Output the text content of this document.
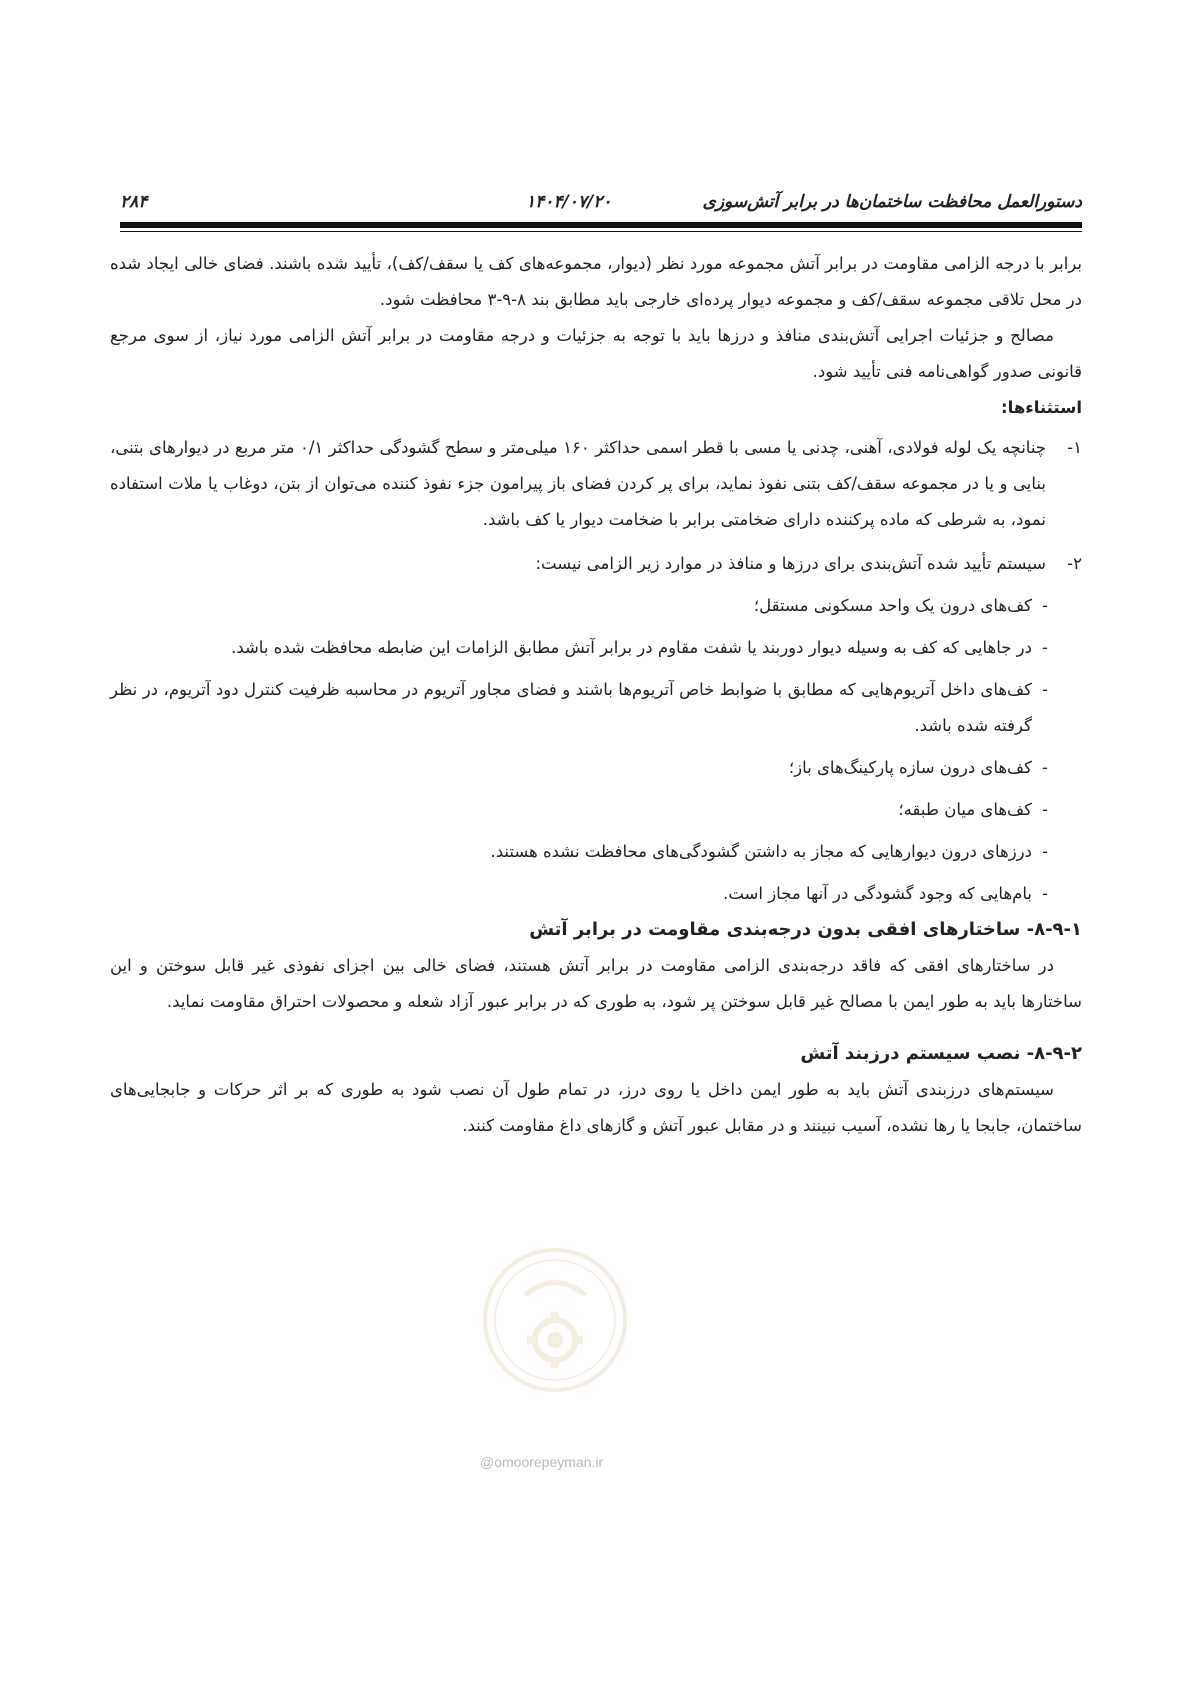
۲۸۴	۱۴۰۴/۰۷/۲۰	دستورالعمل محافظت ساختمان‌ها در برابر آتش‌سوزی

برابر با درجه الزامی مقاومت در برابر آتش مجموعه مورد نظر (دیوار، مجموعه‌های کف یا سقف/کف)، تأیید شده باشند. فضای خالی ایجاد شده در محل تلاقی مجموعه سقف/کف و مجموعه دیوار پرده‌ای خارجی باید مطابق بند ۸-۹-۳ محافظت شود.

مصالح و جزئیات اجرایی آتش‌بندی منافذ و درزها باید با توجه به جزئیات و درجه مقاومت در برابر آتش الزامی مورد نیاز، از سوی مرجع قانونی صدور گواهی‌نامه فنی تأیید شود.

استثناءها:

۱-
چنانچه یک لوله فولادی، آهنی، چدنی یا مسی با قطر اسمی حداکثر ۱۶۰ میلی‌متر و سطح گشودگی حداکثر ۰/۱ متر مربع در دیوارهای بتنی، بنایی و یا در مجموعه سقف/کف بتنی نفوذ نماید، برای پر کردن فضای باز پیرامون جزء نفوذ کننده می‌توان از بتن، دوغاب یا ملات استفاده نمود، به شرطی که ماده پرکننده دارای ضخامتی برابر با ضخامت دیوار یا کف باشد.
۲-
سیستم تأیید شده آتش‌بندی برای درزها و منافذ در موارد زیر الزامی نیست:
-
کف‌های درون یک واحد مسکونی مستقل؛
-
در جاهایی که کف به وسیله دیوار دوربند یا شفت مقاوم در برابر آتش مطابق الزامات این ضابطه محافظت شده باشد.
-
کف‌های داخل آتریوم‌هایی که مطابق با ضوابط خاص آتریوم‌ها باشند و فضای مجاور آتریوم در محاسبه ظرفیت کنترل دود آتریوم، در نظر گرفته شده باشد.
-
کف‌های درون سازه پارکینگ‌های باز؛
-
کف‌های میان طبقه؛
-
درزهای درون دیوارهایی که مجاز به داشتن گشودگی‌های محافظت نشده هستند.
-
بام‌هایی که وجود گشودگی در آنها مجاز است.

۸-۹-۱- ساختارهای افقی بدون درجه‌بندی مقاومت در برابر آتش

در ساختارهای افقی که فاقد درجه‌بندی الزامی مقاومت در برابر آتش هستند، فضای خالی بین اجزای نفوذی غیر قابل سوختن و این ساختارها باید به طور ایمن با مصالح غیر قابل سوختن پر شود، به طوری که در برابر عبور آزاد شعله و محصولات احتراق مقاومت نماید.

۸-۹-۲- نصب سیستم درزبند آتش

سیستم‌های درزبندی آتش باید به طور ایمن داخل یا روی درز، در تمام طول آن نصب شود به طوری که بر اثر حرکات و جابجایی‌های ساختمان، جابجا یا رها نشده، آسیب نبینند و در مقابل عبور آتش و گازهای داغ مقاومت کنند.

@omoorepeyman.ir
